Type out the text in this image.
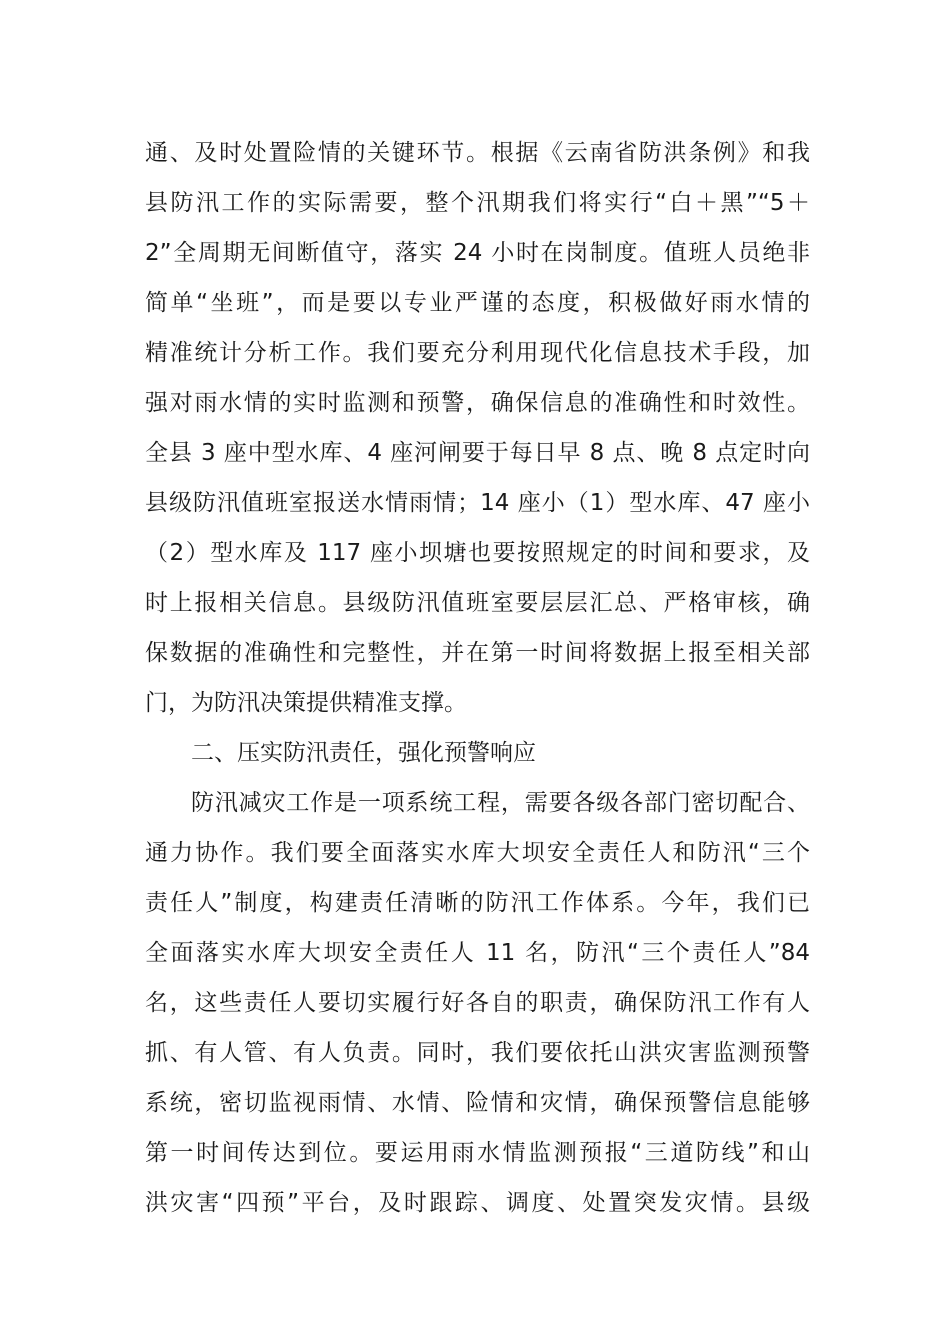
通、及时处置险情的关键环节。根据《云南省防洪条例》和我
县防汛工作的实际需要，整个汛期我们将实行“白＋黑”“5＋
2”全周期无间断值守，落实 24 小时在岗制度。值班人员绝非
简单“坐班”，而是要以专业严谨的态度，积极做好雨水情的
精准统计分析工作。我们要充分利用现代化信息技术手段，加
强对雨水情的实时监测和预警，确保信息的准确性和时效性。
全县 3 座中型水库、4 座河闸要于每日早 8 点、晚 8 点定时向
县级防汛值班室报送水情雨情；14 座小（1）型水库、47 座小
（2）型水库及 117 座小坝塘也要按照规定的时间和要求，及
时上报相关信息。县级防汛值班室要层层汇总、严格审核，确
保数据的准确性和完整性，并在第一时间将数据上报至相关部
门，为防汛决策提供精准支撑。
二、压实防汛责任，强化预警响应
防汛减灾工作是一项系统工程，需要各级各部门密切配合、
通力协作。我们要全面落实水库大坝安全责任人和防汛“三个
责任人”制度，构建责任清晰的防汛工作体系。今年，我们已
全面落实水库大坝安全责任人 11 名，防汛“三个责任人”84
名，这些责任人要切实履行好各自的职责，确保防汛工作有人
抓、有人管、有人负责。同时，我们要依托山洪灾害监测预警
系统，密切监视雨情、水情、险情和灾情，确保预警信息能够
第一时间传达到位。要运用雨水情监测预报“三道防线”和山
洪灾害“四预”平台，及时跟踪、调度、处置突发灾情。县级
